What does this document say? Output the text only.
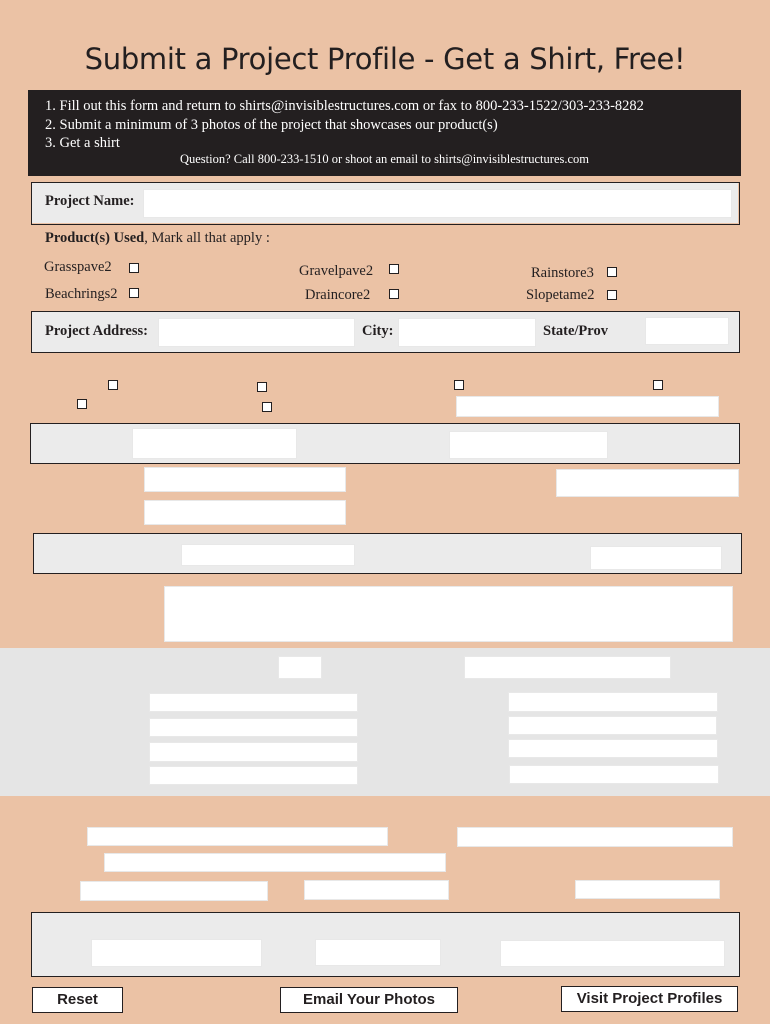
Submit a Project Profile - Get a Shirt, Free!
1. Fill out this form and return to shirts@invisiblestructures.com or fax to 800-233-1522/303-233-8282
2. Submit a minimum of 3 photos of the project that showcases our product(s)
3. Get a shirt
Question? Call 800-233-1510 or shoot an email to shirts@invisiblestructures.com
Project Name:
Product(s) Used, Mark all that apply :
Grasspave2	Gravelpave2	Rainstore3
Beachrings2	Draincore2	Slopetame2
Project Address:	City:	State/Prov
Reset	Email Your Photos	Visit Project Profiles
